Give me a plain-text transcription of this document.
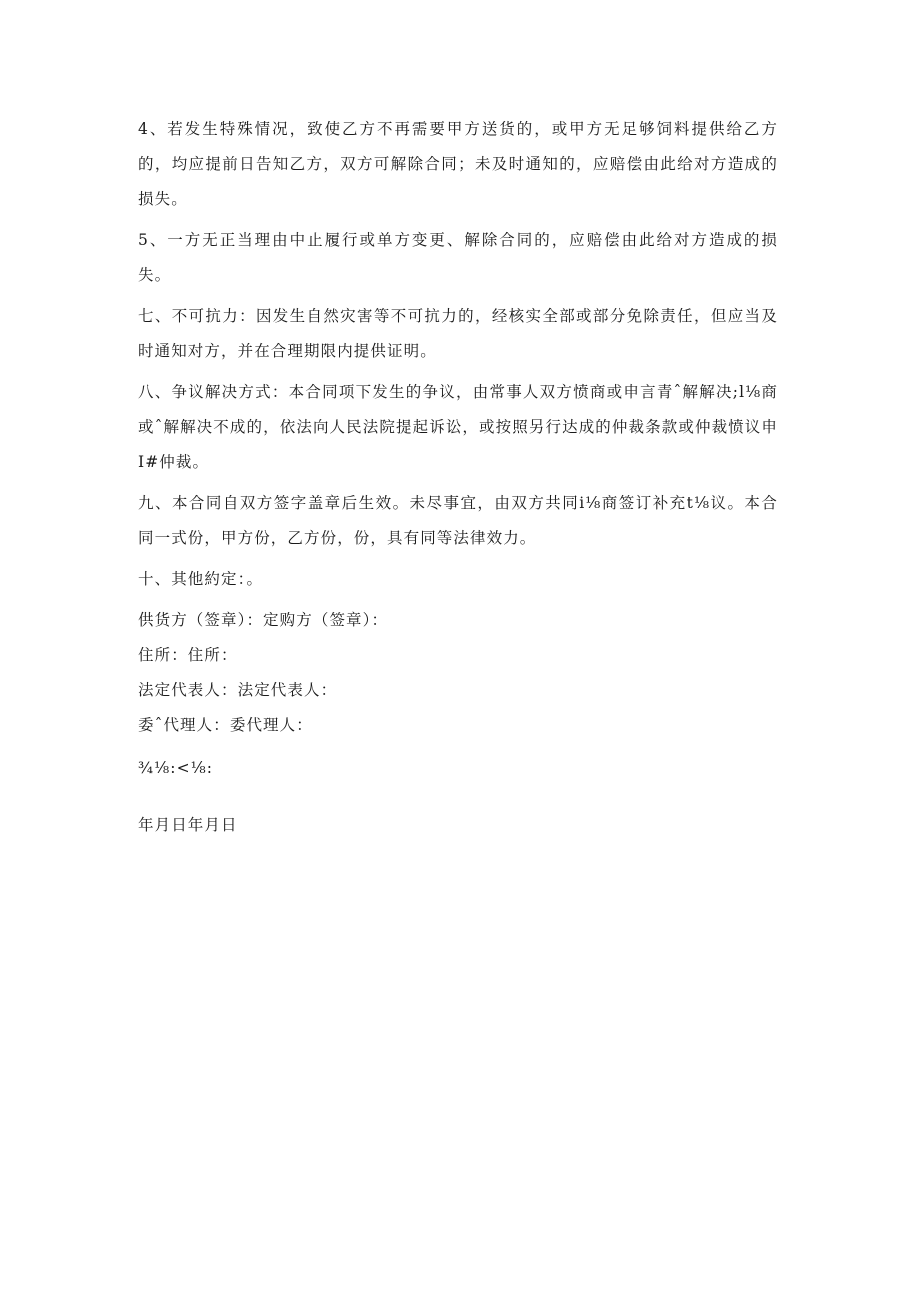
4、若发生特殊情况，致使乙方不再需要甲方送货的，或甲方无足够饲料提供给乙方的，均应提前日告知乙方，双方可解除合同；未及时通知的，应赔偿由此给对方造成的损失。

5、一方无正当理由中止履行或单方变更、解除合同的，应赔偿由此给对方造成的损失。

七、不可抗力：因发生自然灾害等不可抗力的，经核实全部或部分免除责任，但应当及时通知对方，并在合理期限内提供证明。

八、争议解决方式：本合同项下发生的争议，由常事人双方愤商或申言青ˆ解解决;l⅛商或ˆ解解决不成的，依法向人民法院提起诉讼，或按照另行达成的仲裁条款或仲裁愤议申I#仲裁。

九、本合同自双方签字盖章后生效。未尽事宜，由双方共同i⅛商签订补充t⅛议。本合同一式份，甲方份，乙方份，份，具有同等法律效力。

十、其他約定：。

供货方（签章）：定购方（签章）：

住所：住所：

法定代表人：法定代表人：

委ˆ代理人：委代理人：

¾⅛:<⅛:

年月日年月日
